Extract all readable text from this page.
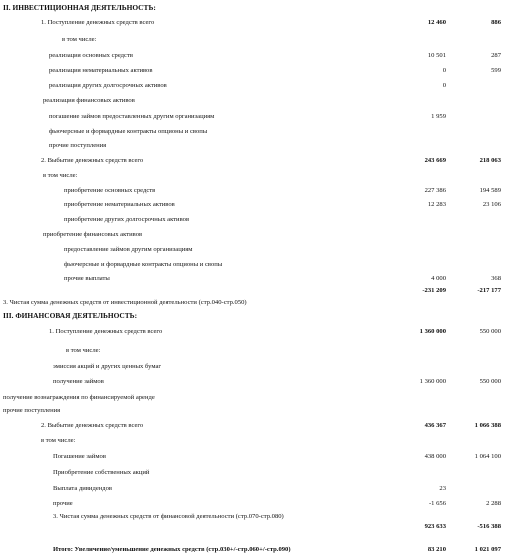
II. ИНВЕСТИЦИОННАЯ ДЕЯТЕЛЬНОСТЬ:
1. Поступление денежных средств всего	12 460	886
в том числе:
реализация основных средств	10 501	287
реализация нематериальных активов	0	599
реализация других долгосрочных активов	0
реализация финансовых активов
погашение займов предоставленных другим организациям	1 959
фьючерсные и форвардные контракты опционы и свопы
прочие поступления
2. Выбытие денежных средств всего	243 669	218 063
в том числе:
приобретение основных средств	227 386	194 589
приобретение нематериальных активов	12 283	23 106
приобретение других долгосрочных активов
приобретение финансовых активов
предоставление займов другим организациям
фьючерсные и форвардные контракты опционы и свопы
прочие выплаты	4 000	368
-231 209	-217 177
3. Чистая сумма денежных средств от инвестиционной деятельности (стр.040-стр.050)
III. ФИНАНСОВАЯ ДЕЯТЕЛЬНОСТЬ:
1. Поступление денежных средств всего	1 360 000	550 000
в том числе:
эмиссия акций и других ценных бумаг
получение займов	1 360 000	550 000
получение вознаграждения по финансируемой аренде
прочие поступления
2. Выбытие денежных средств всего	436 367	1 066 388
в том числе:
Погашение займов	438 000	1 064 100
Приобретение собственных акций
Выплата дивидендов	23
прочие	-1 656	2 288
3. Чистая сумма денежных средств от финансовой деятельности (стр.070-стр.080)
923 633	-516 388
Итого: Увеличение/уменьшение денежных средств (стр.030+/-стр.060+/-стр.090)	83 210	1 021 097
